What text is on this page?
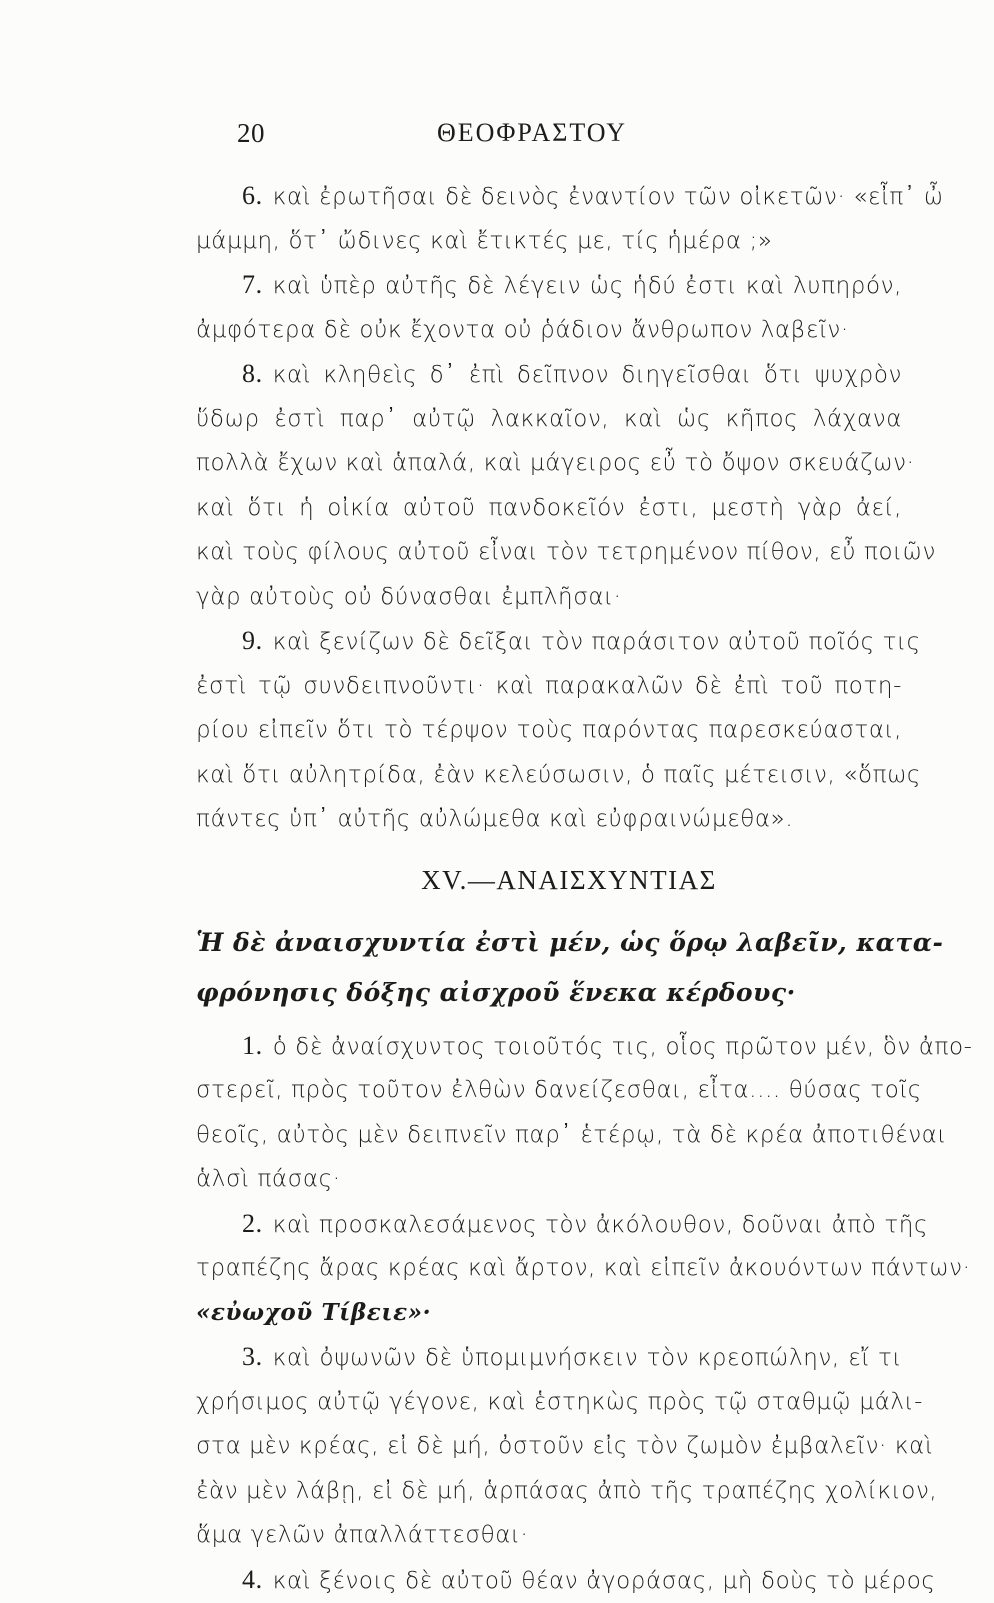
20	ΘΕΟΦΡΑΣΤΟΥ
6. καὶ ἐρωτῆσαι δὲ δεινὸς ἐναντίον τῶν οἰκετῶν· «εἶπ᾿ ὦ
μάμμη, ὅτ᾿ ὤδινες καὶ ἔτικτές με, τίς ἡμέρα ;»
7. καὶ ὑπὲρ αὐτῆς δὲ λέγειν ὡς ἡδύ ἐστι καὶ λυπηρόν,
ἀμφότερα δὲ οὐκ ἔχοντα οὐ ῥάδιον ἄνθρωπον λαβεῖν·
8. καὶ κληθεὶς δ᾿ ἐπὶ δεῖπνον διηγεῖσθαι ὅτι ψυχρὸν
ὕδωρ ἐστὶ παρ᾿ αὐτῷ λακκαῖον, καὶ ὡς κῆπος λάχανα
πολλὰ ἔχων καὶ ἁπαλά, καὶ μάγειρος εὖ τὸ ὄψον σκευάζων·
καὶ ὅτι ἡ οἰκία αὐτοῦ πανδοκεῖόν ἐστι, μεστὴ γὰρ ἀεί,
καὶ τοὺς φίλους αὐτοῦ εἶναι τὸν τετρημένον πίθον, εὖ ποιῶν
γὰρ αὐτοὺς οὐ δύνασθαι ἐμπλῆσαι·
9. καὶ ξενίζων δὲ δεῖξαι τὸν παράσιτον αὐτοῦ ποῖός τις
ἐστὶ τῷ συνδειπνοῦντι· καὶ παρακαλῶν δὲ ἐπὶ τοῦ ποτη-
ρίου εἰπεῖν ὅτι τὸ τέρψον τοὺς παρόντας παρεσκεύασται,
καὶ ὅτι αὐλητρίδα, ἐὰν κελεύσωσιν, ὁ παῖς μέτεισιν, «ὅπως
πάντες ὑπ᾿ αὐτῆς αὐλώμεθα καὶ εὐφραινώμεθα».
XV.—ΑΝΑΙΣΧΥΝΤΙΑΣ
Ἡ δὲ ἀναισχυντία ἐστὶ μέν, ὡς ὅρῳ λαβεῖν, κατα-
φρόνησις δόξης αἰσχροῦ ἕνεκα κέρδους·
1. ὁ δὲ ἀναίσχυντος τοιοῦτός τις, οἷος πρῶτον μέν, ὃν ἀπο-
στερεῖ, πρὸς τοῦτον ἐλθὼν δανείζεσθαι, εἶτα.... θύσας τοῖς
θεοῖς, αὐτὸς μὲν δειπνεῖν παρ᾿ ἑτέρῳ, τὰ δὲ κρέα ἀποτιθέναι
ἁλσὶ πάσας·
2. καὶ προσκαλεσάμενος τὸν ἀκόλουθον, δοῦναι ἀπὸ τῆς
τραπέζης ἄρας κρέας καὶ ἄρτον, καὶ εἰπεῖν ἀκουόντων πάντων·
«εὐωχοῦ Τίβειε»·
3. καὶ ὀψωνῶν δὲ ὑπομιμνήσκειν τὸν κρεοπώλην, εἴ τι
χρήσιμος αὐτῷ γέγονε, καὶ ἑστηκὼς πρὸς τῷ σταθμῷ μάλι-
στα μὲν κρέας, εἰ δὲ μή, ὀστοῦν εἰς τὸν ζωμὸν ἐμβαλεῖν· καὶ
ἐὰν μὲν λάβῃ, εἰ δὲ μή, ἁρπάσας ἀπὸ τῆς τραπέζης χολίκιον,
ἅμα γελῶν ἀπαλλάττεσθαι·
4. καὶ ξένοις δὲ αὐτοῦ θέαν ἀγοράσας, μὴ δοὺς τὸ μέρος
